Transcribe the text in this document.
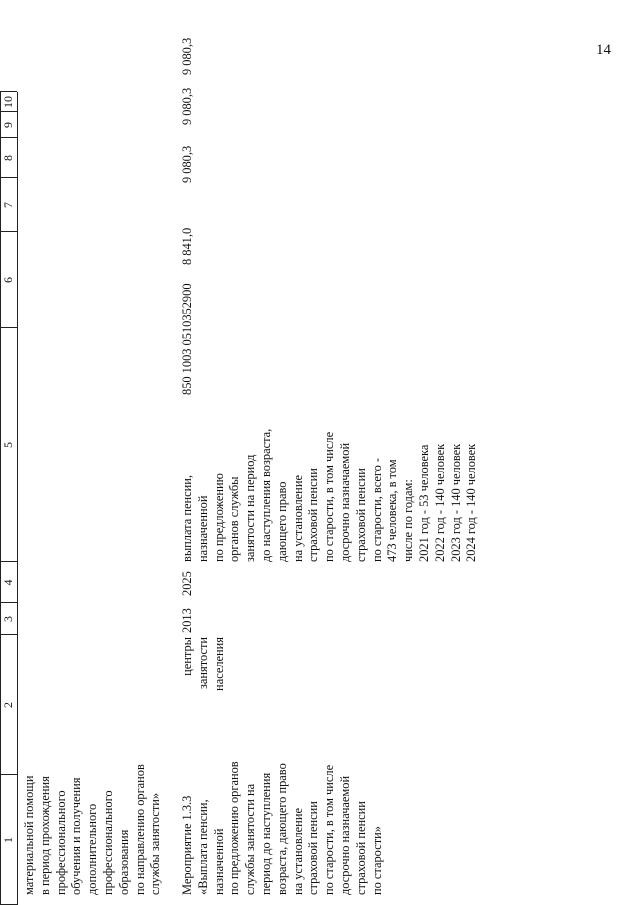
14
1
2
3
4
5
6
7
8
9
10
материальной помощи в период прохождения профессионального обучения и получения дополнительного профессионального образования по направлению органов службы занятости» Мероприятие 1.3.3 «Выплата пенсии, назначенной по предложению органов службы занятости на период до наступления возраста, дающего право на установление страховой пенсии по старости, в том числе досрочно назначаемой страховой пенсии по старости»
центры занятости населения
2013
2025
выплата пенсии, назначенной по предложению органов службы занятости на период до наступления возраста, дающего право на установление страховой пенсии по старости, в том числе досрочно назначаемой страховой пенсии по старости, всего - 473 человека, в том числе по годам: 2021 год - 53 человека 2022 год - 140 человек 2023 год - 140 человек 2024 год - 140 человек
850 1003 0510352900
8 841,0
9 080,3
9 080,3
9 080,3
